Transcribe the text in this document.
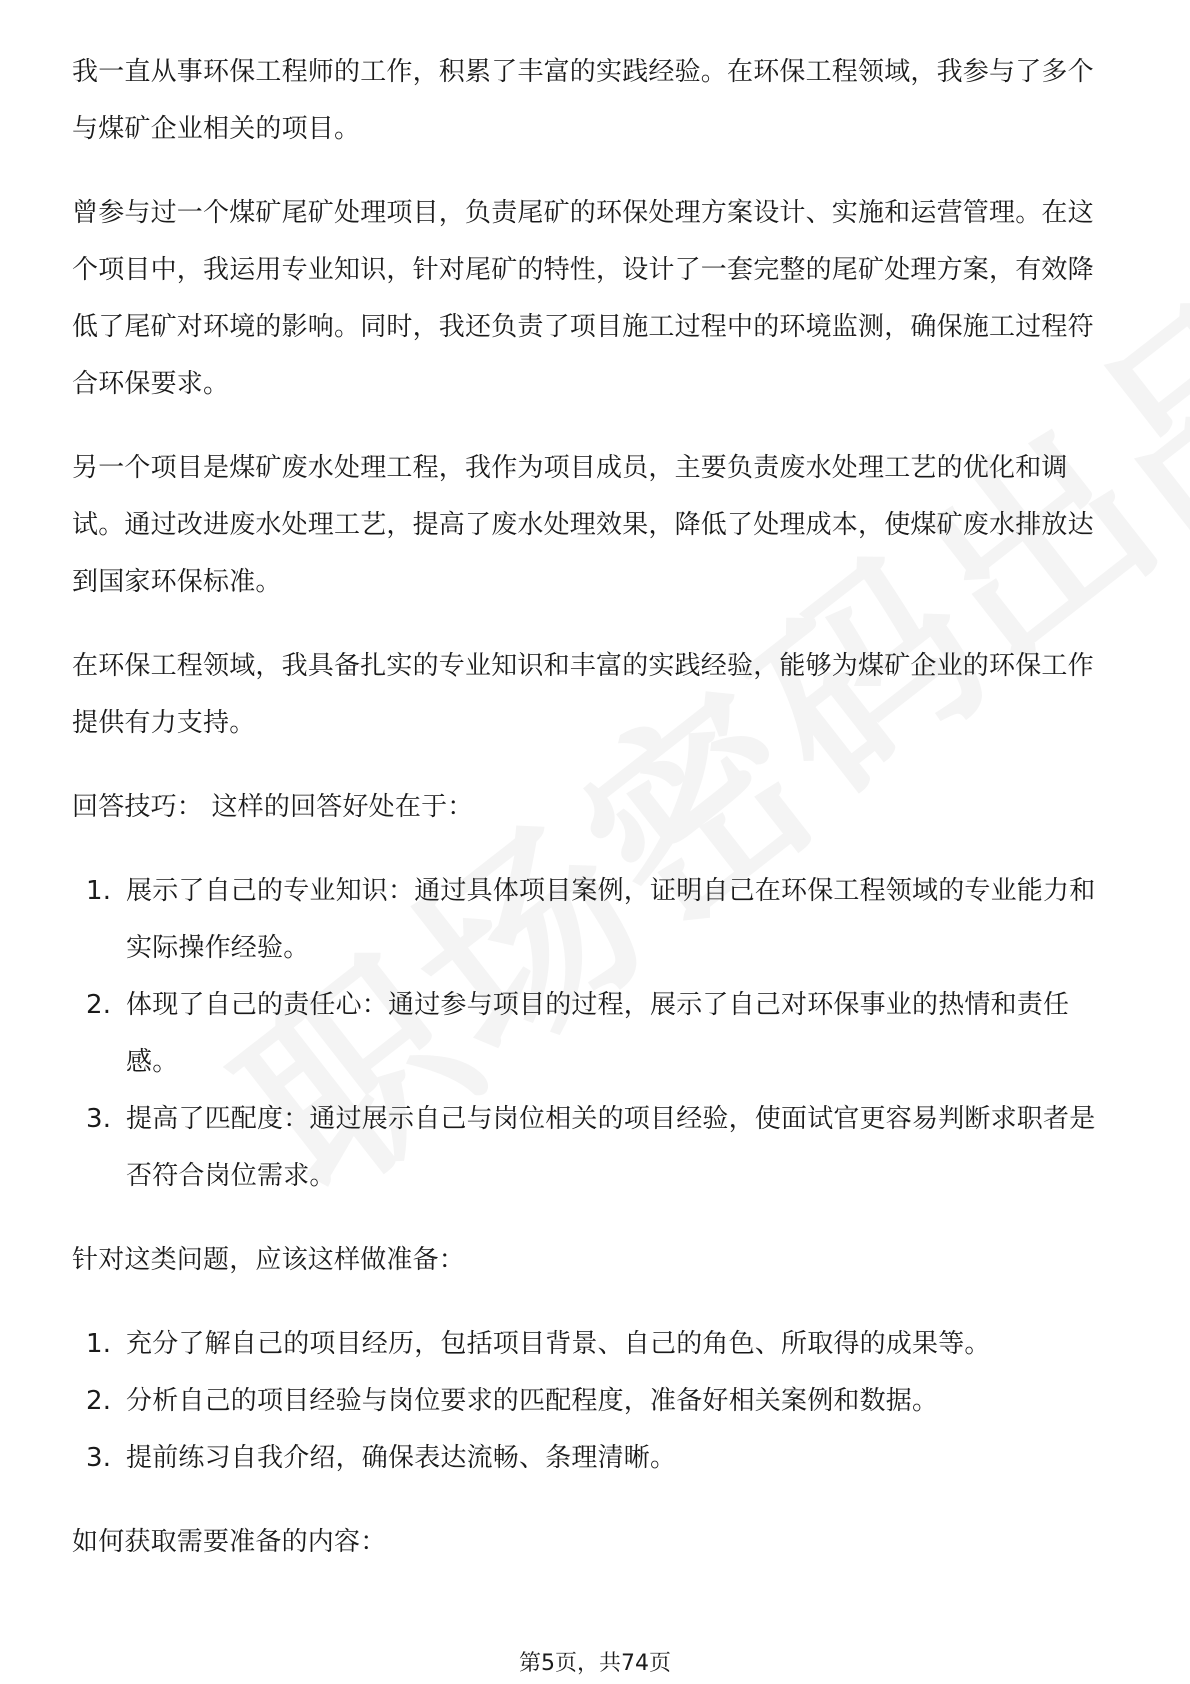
我一直从事环保工程师的工作，积累了丰富的实践经验。在环保工程领域，我参与了多个与煤矿企业相关的项目。

曾参与过一个煤矿尾矿处理项目，负责尾矿的环保处理方案设计、实施和运营管理。在这个项目中，我运用专业知识，针对尾矿的特性，设计了一套完整的尾矿处理方案，有效降低了尾矿对环境的影响。同时，我还负责了项目施工过程中的环境监测，确保施工过程符合环保要求。

另一个项目是煤矿废水处理工程，我作为项目成员，主要负责废水处理工艺的优化和调试。通过改进废水处理工艺，提高了废水处理效果，降低了处理成本，使煤矿废水排放达到国家环保标准。

在环保工程领域，我具备扎实的专业知识和丰富的实践经验，能够为煤矿企业的环保工作提供有力支持。

回答技巧： 这样的回答好处在于：

1. 展示了自己的专业知识：通过具体项目案例，证明自己在环保工程领域的专业能力和实际操作经验。
2. 体现了自己的责任心：通过参与项目的过程，展示了自己对环保事业的热情和责任感。
3. 提高了匹配度：通过展示自己与岗位相关的项目经验，使面试官更容易判断求职者是否符合岗位需求。

针对这类问题，应该这样做准备：

1. 充分了解自己的项目经历，包括项目背景、自己的角色、所取得的成果等。
2. 分析自己的项目经验与岗位要求的匹配程度，准备好相关案例和数据。
3. 提前练习自我介绍，确保表达流畅、条理清晰。

如何获取需要准备的内容：

第5页，共74页
